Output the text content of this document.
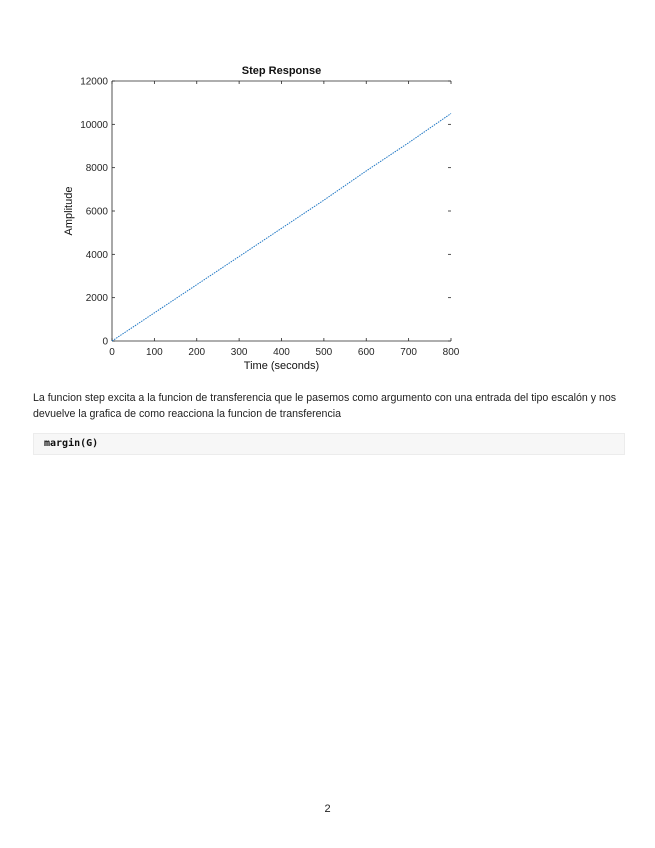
0	100	200	300	400	500	600	700	800
0
2000
4000
6000
8000
10000
12000
Step Response
Time (seconds)
Amplitude

La funcion step excita a la funcion de transferencia que le pasemos como argumento con una entrada del tipo escalón y nos devuelve la grafica de como reacciona la funcion de transferencia

margin(G)
2
